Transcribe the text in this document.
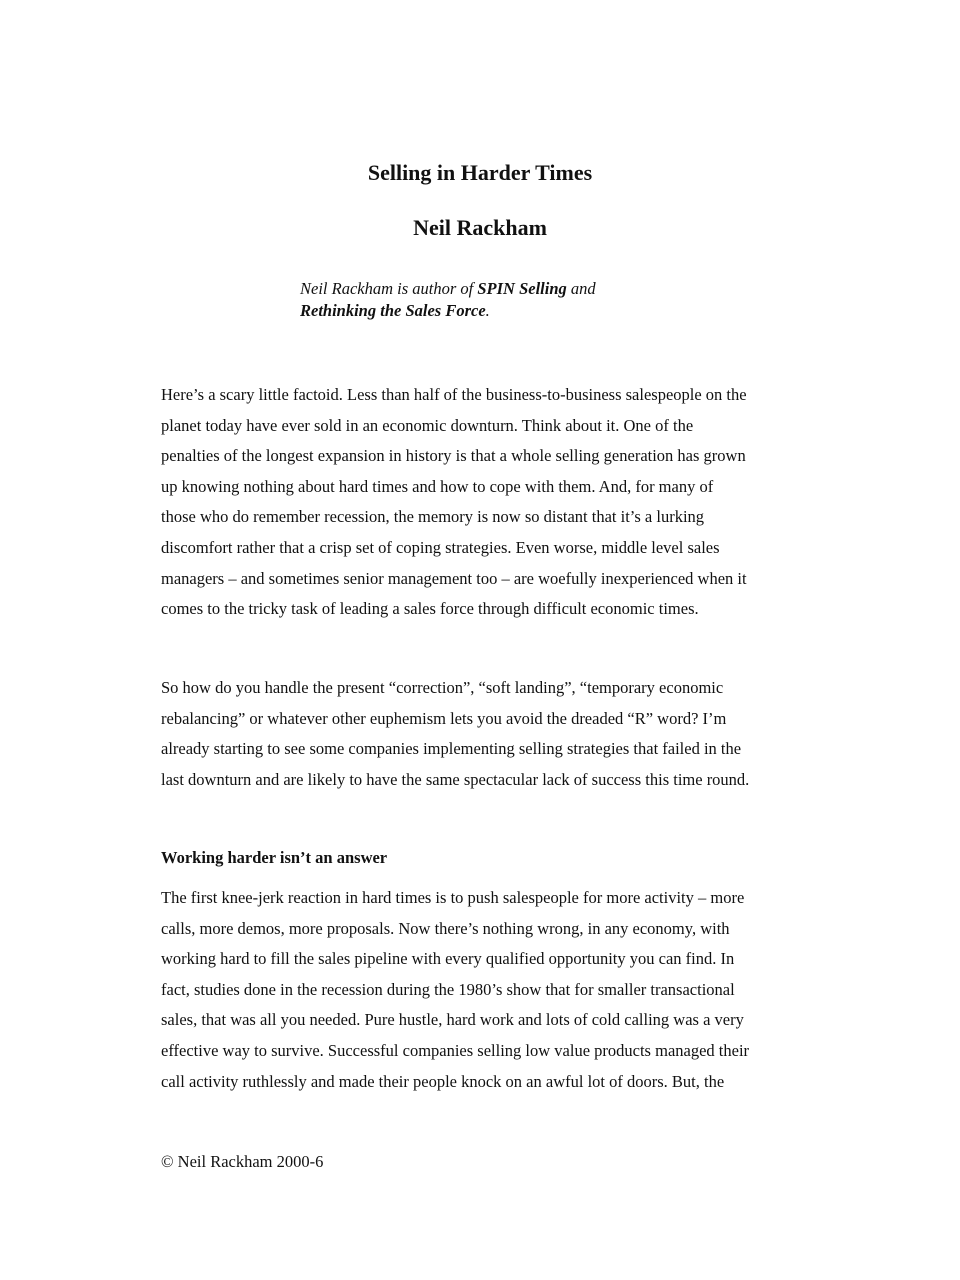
Selling in Harder Times
Neil Rackham

Neil Rackham is author of SPIN Selling and
Rethinking the Sales Force.

Here’s a scary little factoid. Less than half of the business-to-business salespeople on the
planet today have ever sold in an economic downturn. Think about it. One of the
penalties of the longest expansion in history is that a whole selling generation has grown
up knowing nothing about hard times and how to cope with them. And, for many of
those who do remember recession, the memory is now so distant that it’s a lurking
discomfort rather that a crisp set of coping strategies. Even worse, middle level sales
managers – and sometimes senior management too – are woefully inexperienced when it
comes to the tricky task of leading a sales force through difficult economic times.

So how do you handle the present “correction”, “soft landing”, “temporary economic
rebalancing” or whatever other euphemism lets you avoid the dreaded “R” word? I’m
already starting to see some companies implementing selling strategies that failed in the
last downturn and are likely to have the same spectacular lack of success this time round.

Working harder isn’t an answer

The first knee-jerk reaction in hard times is to push salespeople for more activity – more
calls, more demos, more proposals. Now there’s nothing wrong, in any economy, with
working hard to fill the sales pipeline with every qualified opportunity you can find. In
fact, studies done in the recession during the 1980’s show that for smaller transactional
sales, that was all you needed. Pure hustle, hard work and lots of cold calling was a very
effective way to survive. Successful companies selling low value products managed their
call activity ruthlessly and made their people knock on an awful lot of doors. But, the

© Neil Rackham 2000-6
